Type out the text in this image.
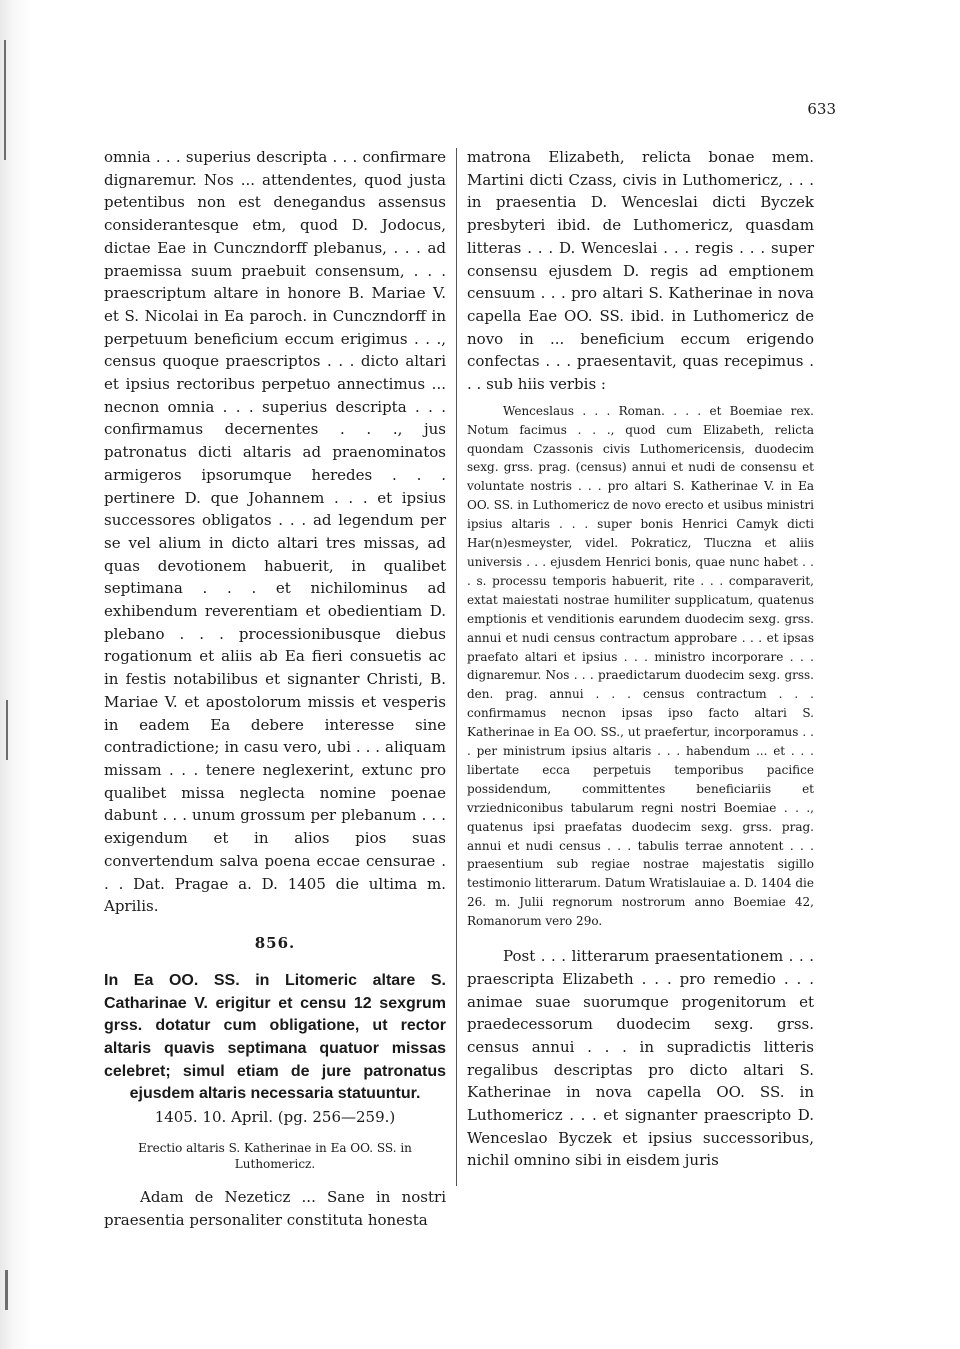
633

omnia . . . superius descripta . . . confirmare dignaremur. Nos ... attendentes, quod justa petentibus non est denegandus assensus considerantesque etm, quod D. Jodocus, dictae Eae in Cunczndorff plebanus, . . . ad praemissa suum praebuit consensum, . . . praescriptum altare in honore B. Mariae V. et S. Nicolai in Ea paroch. in Cunczndorff in perpetuum beneficium eccum erigimus . . ., census quoque praescriptos . . . dicto altari et ipsius rectoribus perpetuo annectimus ... necnon omnia . . . superius descripta . . . confirmamus decernentes . . ., jus patronatus dicti altaris ad praenominatos armigeros ipsorumque heredes . . . pertinere D. que Johannem . . . et ipsius successores obligatos . . . ad legendum per se vel alium in dicto altari tres missas, ad quas devotionem habuerit, in qualibet septimana . . . et nichilominus ad exhibendum reverentiam et obedientiam D. plebano . . . processionibusque diebus rogationum et aliis ab Ea fieri consuetis ac in festis notabilibus et signanter Christi, B. Mariae V. et apostolorum missis et vesperis in eadem Ea debere interesse sine contradictione; in casu vero, ubi . . . aliquam missam . . . tenere neglexerint, extunc pro qualibet missa neglecta nomine poenae dabunt . . . unum grossum per plebanum . . . exigendum et in alios pios suas convertendum salva poena eccae censurae . . . Dat. Pragae a. D. 1405 die ultima m. Aprilis.

856.

In Ea OO. SS. in Litomeric altare S. Catharinae V. erigitur et censu 12 sexgrum grss. dotatur cum obligatione, ut rector altaris quavis septimana quatuor missas celebret; simul etiam de jure patronatus ejusdem altaris necessaria statuuntur.

1405. 10. April. (pg. 256—259.)

Erectio altaris S. Katherinae in Ea OO. SS. in Luthomericz.

Adam de Nezeticz ... Sane in nostri praesentia personaliter constituta honesta

matrona Elizabeth, relicta bonae mem. Martini dicti Czass, civis in Luthomericz, . . . in praesentia D. Wenceslai dicti Byczek presbyteri ibid. de Luthomericz, quasdam litteras . . . D. Wenceslai . . . regis . . . super consensu ejusdem D. regis ad emptionem censuum . . . pro altari S. Katherinae in nova capella Eae OO. SS. ibid. in Luthomericz de novo in ... beneficium eccum erigendo confectas . . . praesentavit, quas recepimus . . . sub hiis verbis :

Wenceslaus . . . Roman. . . . et Boemiae rex. Notum facimus . . ., quod cum Elizabeth, relicta quondam Czassonis civis Luthomericensis, duodecim sexg. grss. prag. (census) annui et nudi de consensu et voluntate nostris . . . pro altari S. Katherinae V. in Ea OO. SS. in Luthomericz de novo erecto et usibus ministri ipsius altaris . . . super bonis Henrici Camyk dicti Har(n)esmeyster, videl. Pokraticz, Tluczna et aliis universis . . . ejusdem Henrici bonis, quae nunc habet . . . s. processu temporis habuerit, rite . . . comparaverit, extat maiestati nostrae humiliter supplicatum, quatenus emptionis et venditionis earundem duodecim sexg. grss. annui et nudi census contractum approbare . . . et ipsas praefato altari et ipsius . . . ministro incorporare . . . dignaremur. Nos . . . praedictarum duodecim sexg. grss. den. prag. annui . . . census contractum . . . confirmamus necnon ipsas ipso facto altari S. Katherinae in Ea OO. SS., ut praefertur, incorporamus . . . per ministrum ipsius altaris . . . habendum ... et . . . libertate ecca perpetuis temporibus pacifice possidendum, committentes beneficiariis et vrziedniconibus tabularum regni nostri Boemiae . . ., quatenus ipsi praefatas duodecim sexg. grss. prag. annui et nudi census . . . tabulis terrae annotent . . . praesentium sub regiae nostrae majestatis sigillo testimonio litterarum. Datum Wratislauiae a. D. 1404 die 26. m. Julii regnorum nostrorum anno Boemiae 42, Romanorum vero 29o.

Post . . . litterarum praesentationem . . . praescripta Elizabeth . . . pro remedio . . . animae suae suorumque progenitorum et praedecessorum duodecim sexg. grss. census annui . . . in supradictis litteris regalibus descriptas pro dicto altari S. Katherinae in nova capella OO. SS. in Luthomericz . . . et signanter praescripto D. Wenceslao Byczek et ipsius successoribus, nichil omnino sibi in eisdem juris
